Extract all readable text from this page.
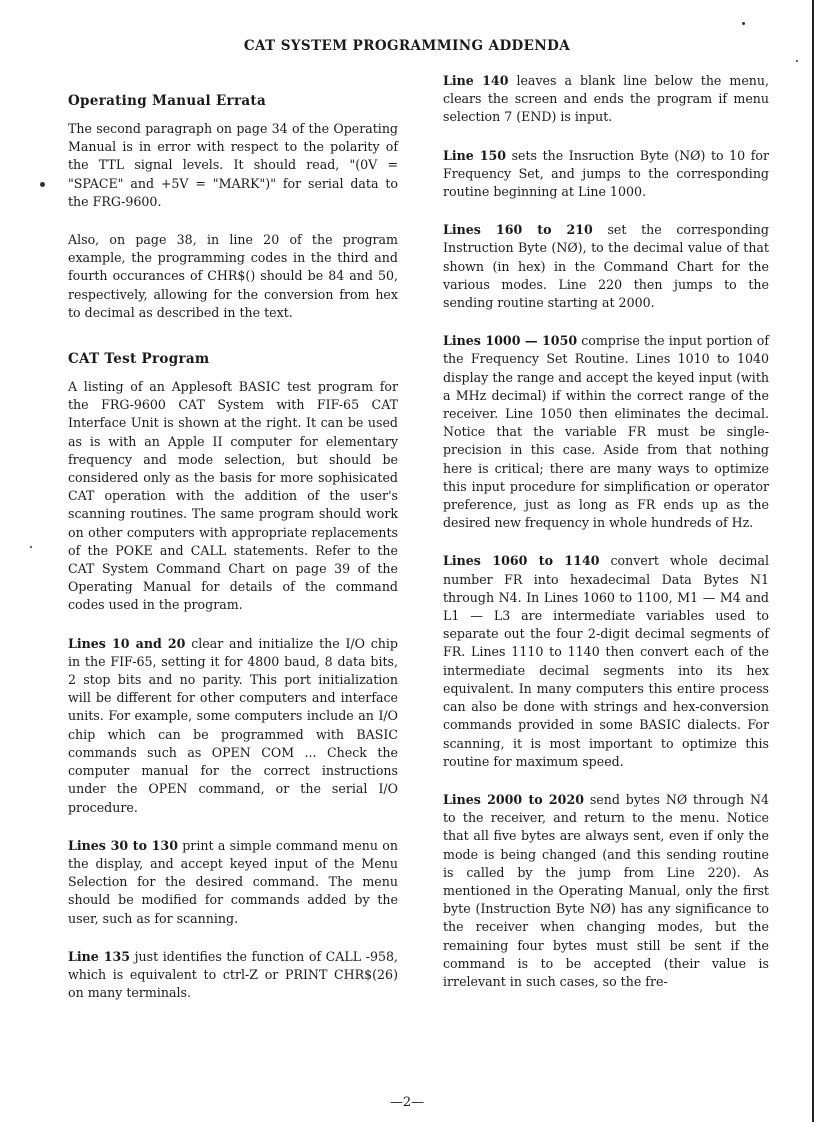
CAT SYSTEM PROGRAMMING ADDENDA

Operating Manual Errata

The second paragraph on page 34 of the Operating Manual is in error with respect to the polarity of the TTL signal levels. It should read, "(0V = "SPACE" and +5V = "MARK")" for serial data to the FRG-9600.

Also, on page 38, in line 20 of the program example, the programming codes in the third and fourth occurances of CHR$() should be 84 and 50, respectively, allowing for the conversion from hex to decimal as described in the text.

CAT Test Program

A listing of an Applesoft BASIC test program for the FRG-9600 CAT System with FIF-65 CAT Interface Unit is shown at the right. It can be used as is with an Apple II computer for elementary frequency and mode selection, but should be considered only as the basis for more sophisicated CAT operation with the addition of the user's scanning routines. The same program should work on other computers with appropriate replacements of the POKE and CALL statements. Refer to the CAT System Command Chart on page 39 of the Operating Manual for details of the command codes used in the program.

Lines 10 and 20 clear and initialize the I/O chip in the FIF-65, setting it for 4800 baud, 8 data bits, 2 stop bits and no parity. This port initialization will be different for other computers and interface units. For example, some computers include an I/O chip which can be programmed with BASIC commands such as OPEN COM ... Check the computer manual for the correct instructions under the OPEN command, or the serial I/O procedure.

Lines 30 to 130 print a simple command menu on the display, and accept keyed input of the Menu Selection for the desired command. The menu should be modified for commands added by the user, such as for scanning.

Line 135 just identifies the function of CALL -958, which is equivalent to ctrl-Z or PRINT CHR$(26) on many terminals.

Line 140 leaves a blank line below the menu, clears the screen and ends the program if menu selection 7 (END) is input.

Line 150 sets the Insruction Byte (NØ) to 10 for Frequency Set, and jumps to the corresponding routine beginning at Line 1000.

Lines 160 to 210 set the corresponding Instruction Byte (NØ), to the decimal value of that shown (in hex) in the Command Chart for the various modes. Line 220 then jumps to the sending routine starting at 2000.

Lines 1000 — 1050 comprise the input portion of the Frequency Set Routine. Lines 1010 to 1040 display the range and accept the keyed input (with a MHz decimal) if within the correct range of the receiver. Line 1050 then eliminates the decimal. Notice that the variable FR must be single-precision in this case. Aside from that nothing here is critical; there are many ways to optimize this input procedure for simplification or operator preference, just as long as FR ends up as the desired new frequency in whole hundreds of Hz.

Lines 1060 to 1140 convert whole decimal number FR into hexadecimal Data Bytes N1 through N4. In Lines 1060 to 1100, M1 — M4 and L1 — L3 are intermediate variables used to separate out the four 2-digit decimal segments of FR. Lines 1110 to 1140 then convert each of the intermediate decimal segments into its hex equivalent. In many computers this entire process can also be done with strings and hex-conversion commands provided in some BASIC dialects. For scanning, it is most important to optimize this routine for maximum speed.

Lines 2000 to 2020 send bytes NØ through N4 to the receiver, and return to the menu. Notice that all five bytes are always sent, even if only the mode is being changed (and this sending routine is called by the jump from Line 220). As mentioned in the Operating Manual, only the first byte (Instruction Byte NØ) has any significance to the receiver when changing modes, but the remaining four bytes must still be sent if the command is to be accepted (their value is irrelevant in such cases, so the fre-

—2—
